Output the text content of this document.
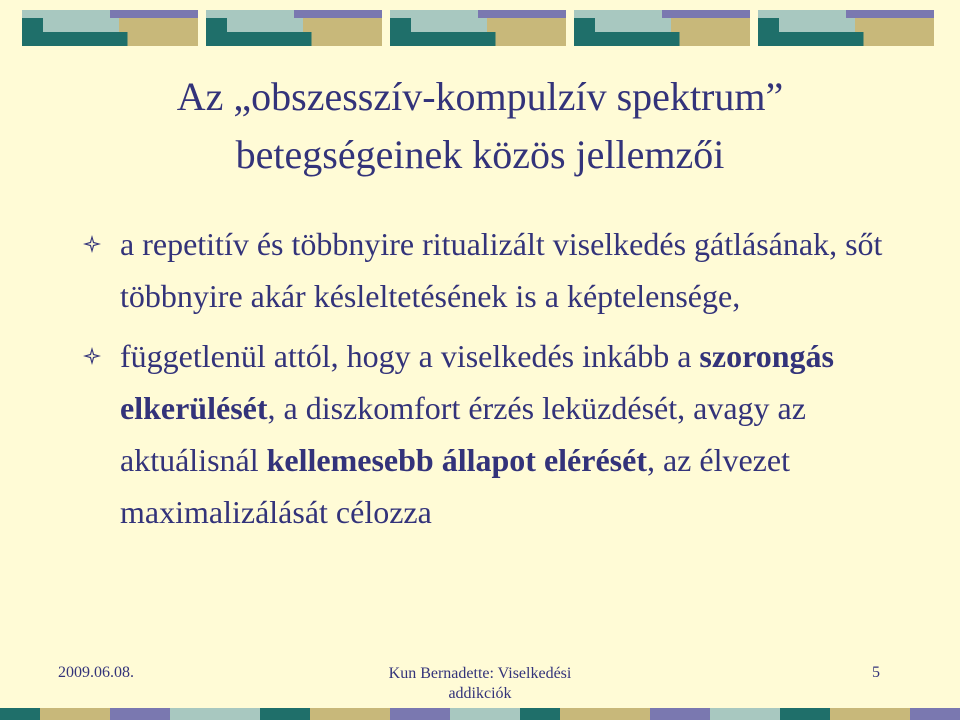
Az „obszesszív-kompulzív spektrum”
betegségeinek közös jellemzői
a repetitív és többnyire ritualizált viselkedés gátlásának, sőt többnyire akár késleltetésének is a képtelensége,
függetlenül attól, hogy a viselkedés inkább a szorongás elkerülését, a diszkomfort érzés leküzdését, avagy az aktuálisnál kellemesebb állapot elérését, az élvezet maximalizálását célozza
2009.06.08.	Kun Bernadette: Viselkedési
addikciók
5
